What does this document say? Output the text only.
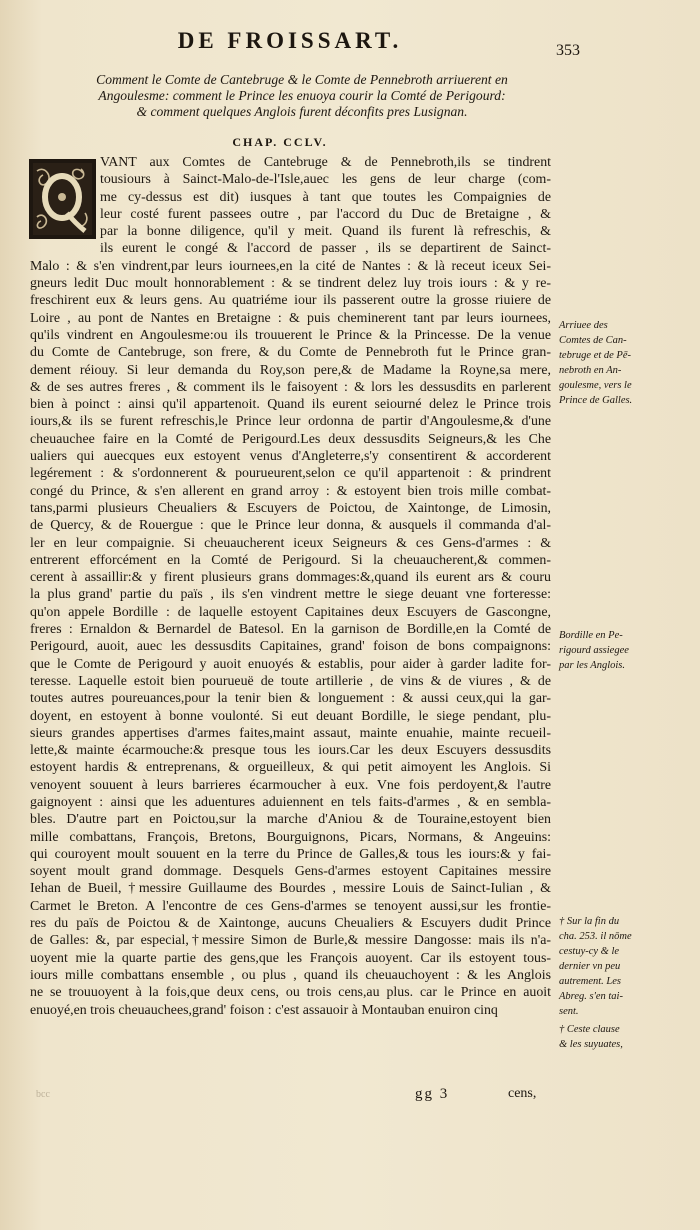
DE FROISSART.	353
Comment le Comte de Cantebruge & le Comte de Pennebroth arriuerent en
Angoulesme: comment le Prince les enuoya courir la Comté de Perigourd:
& comment quelques Anglois furent déconfits pres Lusignan.
CHAP. CCLV.
VANT aux Comtes de Cantebruge & de Pennebroth,ils se tindrent
tousiours à Sainct-Malo-de-l'Isle,auec les gens de leur charge (com-
me cy-dessus est dit) iusques à tant que toutes les Compaignies de
leur costé furent passees outre , par l'accord du Duc de Bretaigne , &
par la bonne diligence, qu'il y meit. Quand ils furent là refreschis, &
ils eurent le congé & l'accord de passer , ils se departirent de Sainct-
Malo : & s'en vindrent,par leurs iournees,en la cité de Nantes : & là receut iceux Sei-
gneurs ledit Duc moult honnorablement : & se tindrent delez luy trois iours : & y re-
freschirent eux & leurs gens. Au quatriéme iour ils passerent outre la grosse riuiere de
Loire , au pont de Nantes en Bretaigne : & puis cheminerent tant par leurs iournees,
qu'ils vindrent en Angoulesme:ou ils trouuerent le Prince & la Princesse. De la venue
du Comte de Cantebruge, son frere, & du Comte de Pennebroth fut le Prince gran-
dement réiouy. Si leur demanda du Roy,son pere,& de Madame la Royne,sa mere,
& de ses autres freres , & comment ils le faisoyent : & lors les dessusdits en parlerent
bien à poinct : ainsi qu'il appartenoit. Quand ils eurent seiourné delez le Prince trois
iours,& ils se furent refreschis,le Prince leur ordonna de partir d'Angoulesme,& d'une
cheuauchee faire en la Comté de Perigourd.Les deux dessusdits Seigneurs,& les Che
ualiers qui auecques eux estoyent venus d'Angleterre,s'y consentirent & accorderent
legérement : & s'ordonnerent & pourueurent,selon ce qu'il appartenoit : & prindrent
congé du Prince, & s'en allerent en grand arroy : & estoyent bien trois mille combat-
tans,parmi plusieurs Cheualiers & Escuyers de Poictou, de Xaintonge, de Limosin,
de Quercy, & de Rouergue : que le Prince leur donna, & ausquels il commanda d'al-
ler en leur compaignie. Si cheuaucherent iceux Seigneurs & ces Gens-d'armes : &
entrerent efforcément en la Comté de Perigourd. Si la cheuaucherent,& commen-
cerent à assaillir:& y firent plusieurs grans dommages:&,quand ils eurent ars & couru
la plus grand' partie du païs , ils s'en vindrent mettre le siege deuant vne forteresse:
qu'on appele Bordille : de laquelle estoyent Capitaines deux Escuyers de Gascongne,
freres : Ernaldon & Bernardel de Batesol. En la garnison de Bordille,en la Comté de
Perigourd, auoit, auec les dessusdits Capitaines, grand' foison de bons compaignons:
que le Comte de Perigourd y auoit enuoyés & establis, pour aider à garder ladite for-
teresse. Laquelle estoit bien pourueuë de toute artillerie , de vins & de viures , & de
toutes autres poureuances,pour la tenir bien & longuement : & aussi ceux,qui la gar-
doyent, en estoyent à bonne voulonté. Si eut deuant Bordille, le siege pendant, plu-
sieurs grandes appertises d'armes faites,maint assaut, mainte enuahie, mainte recueil-
lette,& mainte écarmouche:& presque tous les iours.Car les deux Escuyers dessusdits
estoyent hardis & entreprenans, & orgueilleux, & qui petit aimoyent les Anglois. Si
venoyent souuent à leurs barrieres écarmoucher à eux. Vne fois perdoyent,& l'autre
gaignoyent : ainsi que les aduentures aduiennent en tels faits-d'armes , & en sembla-
bles. D'autre part en Poictou,sur la marche d'Aniou & de Touraine,estoyent bien
mille combattans, François, Bretons, Bourguignons, Picars, Normans, & Angeuins:
qui couroyent moult souuent en la terre du Prince de Galles,& tous les iours:& y fai-
soyent moult grand dommage. Desquels Gens-d'armes estoyent Capitaines messire
Iehan de Bueil, †messire Guillaume des Bourdes , messire Louis de Sainct-Iulian , &
Carmet le Breton. A l'encontre de ces Gens-d'armes se tenoyent aussi,sur les frontie-
res du païs de Poictou & de Xaintonge, aucuns Cheualiers & Escuyers dudit Prince
de Galles: &, par especial,†messire Simon de Burle,& messire Dangosse: mais ils n'a-
uoyent mie la quarte partie des gens,que les François auoyent. Car ils estoyent tous-
iours mille combattans ensemble , ou plus , quand ils cheuauchoyent : & les Anglois
ne se trouuoyent à la fois,que deux cens, ou trois cens,au plus. car le Prince en auoit
enuoyé,en trois cheuauchees,grand' foison : c'est assauoir à Montauban enuiron cinq
Arriuee des
Comtes de Can-
tebruge et de Pē-
nebroth en An-
goulesme, vers le
Prince de Galles.
Bordille en Pe-
rigourd assiegee
par les Anglois.
† Sur la fin du
cha. 253. il nōme
cestuy-cy & le
dernier vn peu
autrement. Les
Abreg. s'en tai-
sent.
† Ceste clause
& les suyuates,
bcc	gg 3	cens,
